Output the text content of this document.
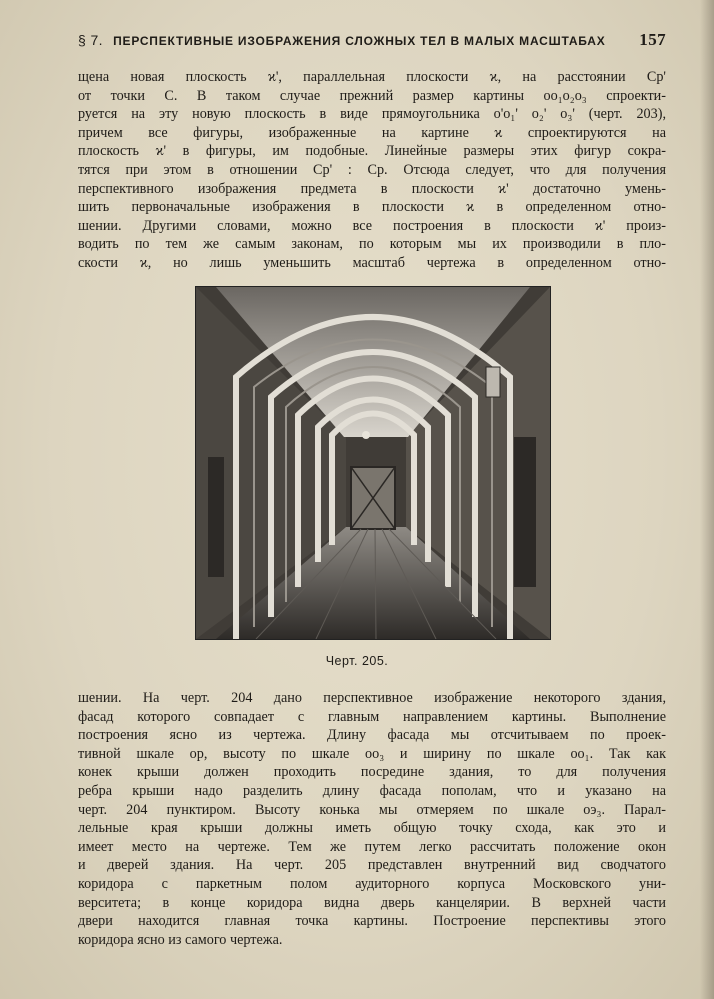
§ 7. ПЕРСПЕКТИВНЫЕ ИЗОБРАЖЕНИЯ СЛОЖНЫХ ТЕЛ В МАЛЫХ МАСШТАБАХ 157
щена новая плоскость ϰ', параллельная плоскости ϰ, на расстоянии Cp'
от точки C. В таком случае прежний размер картины oo₁o₂o₃ спроекти-
руется на эту новую плоскость в виде прямоугольника o'o₁' o₂' o₃' (черт. 203),
причем все фигуры, изображенные на картине ϰ спроектируются на
плоскость ϰ' в фигуры, им подобные. Линейные размеры этих фигур сокра-
тятся при этом в отношении Cp' : Cp. Отсюда следует, что для получения
перспективного изображения предмета в плоскости ϰ' достаточно умень-
шить первоначальные изображения в плоскости ϰ в определенном отно-
шении. Другими словами, можно все построения в плоскости ϰ' произ-
водить по тем же самым законам, по которым мы их производили в пло-
скости ϰ, но лишь уменьшить масштаб чертежа в определенном отно-
Черт. 205.
шении. На черт. 204 дано перспективное изображение некоторого здания,
фасад которого совпадает с главным направлением картины. Выполнение
построения ясно из чертежа. Длину фасада мы отсчитываем по проек-
тивной шкале op, высоту по шкале oo₃ и ширину по шкале oo₁. Так как
конек крыши должен проходить посредине здания, то для получения
ребра крыши надо разделить длину фасада пополам, что и указано на
черт. 204 пунктиром. Высоту конька мы отмеряем по шкале oэ₃. Парал-
лельные края крыши должны иметь общую точку схода, как это и
имеет место на чертеже. Тем же путем легко рассчитать положение окон
и дверей здания. На черт. 205 представлен внутренний вид сводчатого
коридора с паркетным полом аудиторного корпуса Московского уни-
верситета; в конце коридора видна дверь канцелярии. В верхней части
двери находится главная точка картины. Построение перспективы этого
коридора ясно из самого чертежа.
